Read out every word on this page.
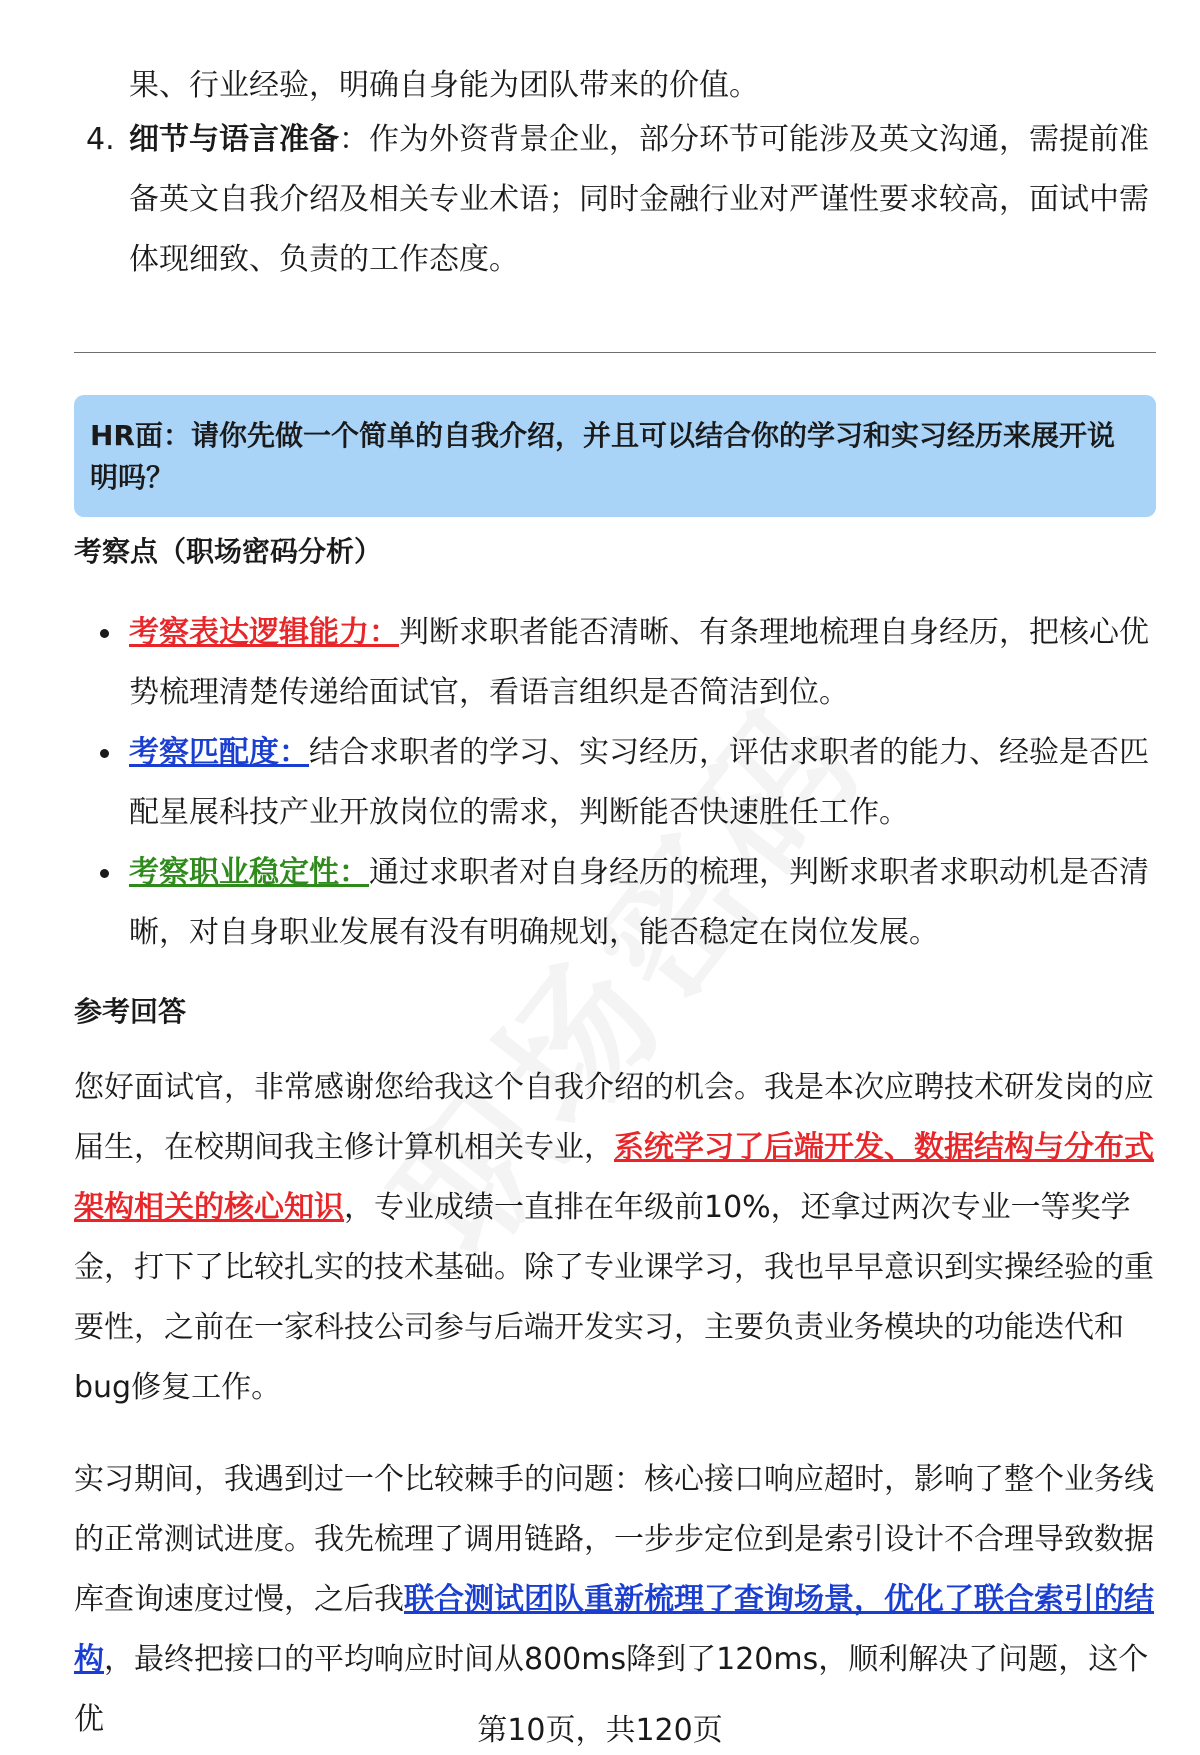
果、行业经验，明确自身能为团队带来的价值。

4. 细节与语言准备：作为外资背景企业，部分环节可能涉及英文沟通，需提前准备英文自我介绍及相关专业术语；同时金融行业对严谨性要求较高，面试中需体现细致、负责的工作态度。

HR面：请你先做一个简单的自我介绍，并且可以结合你的学习和实习经历来展开说明吗？
考察点（职场密码分析）
考察表达逻辑能力：判断求职者能否清晰、有条理地梳理自身经历，把核心优势梳理清楚传递给面试官，看语言组织是否简洁到位。
考察匹配度：结合求职者的学习、实习经历，评估求职者的能力、经验是否匹配星展科技产业开放岗位的需求，判断能否快速胜任工作。
考察职业稳定性：通过求职者对自身经历的梳理，判断求职者求职动机是否清晰，对自身职业发展有没有明确规划，能否稳定在岗位发展。
参考回答

您好面试官，非常感谢您给我这个自我介绍的机会。我是本次应聘技术研发岗的应届生，在校期间我主修计算机相关专业，系统学习了后端开发、数据结构与分布式架构相关的核心知识，专业成绩一直排在年级前10%，还拿过两次专业一等奖学金，打下了比较扎实的技术基础。除了专业课学习，我也早早意识到实操经验的重要性，之前在一家科技公司参与后端开发实习，主要负责业务模块的功能迭代和bug修复工作。

实习期间，我遇到过一个比较棘手的问题：核心接口响应超时，影响了整个业务线的正常测试进度。我先梳理了调用链路，一步步定位到是索引设计不合理导致数据库查询速度过慢，之后我联合测试团队重新梳理了查询场景，优化了联合索引的结构，最终把接口的平均响应时间从800ms降到了120ms，顺利解决了问题，这个优	第10页，共120页
